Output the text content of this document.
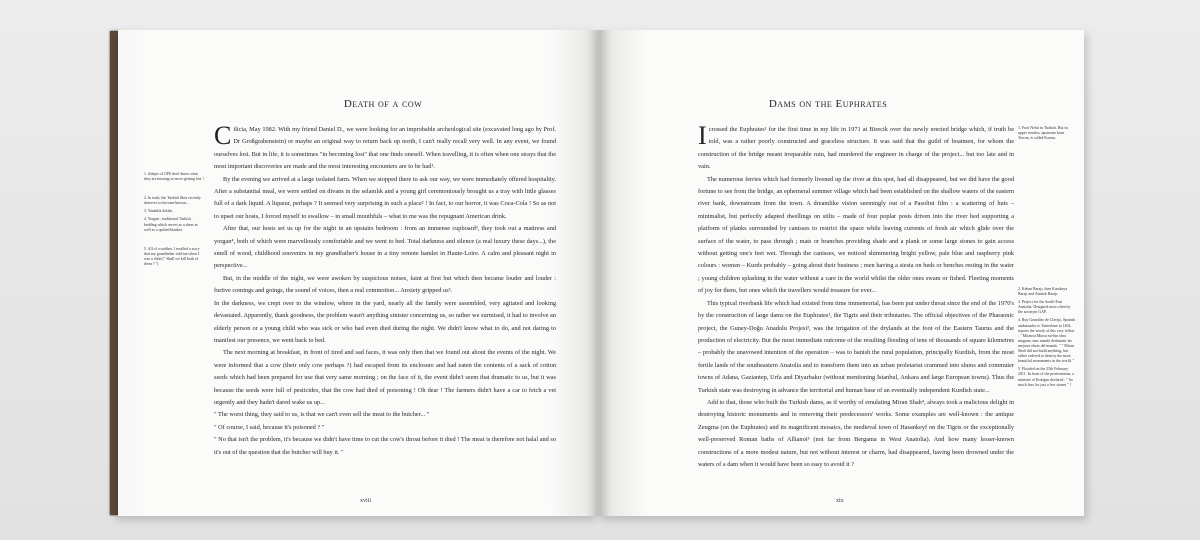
Death of a cow

1. Adepts of GPS don't know what they are missing in never getting lost !

2. In truth, the Turkish likör recently deserves to become known...

3. Yazaklık dolabı.

4. Yorgan : traditional Turkish bedding which serves as a sheet as well as a quilted blanket.

5. All of a sudden, I recalled a story that my grandfather told me when I was a child (" Shall we kill both of them ? ")

Cilicia, May 1982. With my friend Daniel D., we were looking for an improbable archeological site (excavated long ago by Prof. Dr Großgrabenstein) or maybe an original way to return back up north, I can't really recall very well. In any event, we found ourselves lost. But in life, it is sometimes "in becoming lost" that one finds oneself. When travelling, it is often when one strays that the most important discoveries are made and the most interesting encounters are to be had¹.

By the evening we arrived at a large isolated farm. When we stopped there to ask our way, we were immediately offered hospitality. After a substantial meal, we were settled on divans in the selamlık and a young girl ceremoniously brought us a tray with little glasses full of a dark liquid. A liqueur, perhaps ? It seemed very surprising in such a place² ! In fact, to our horror, it was Coca-Cola ! So as not to upset our hosts, I forced myself to swallow – in small mouthfuls – what to me was the repugnant American drink.

After that, our hosts set us up for the night in an upstairs bedroom : from an immense cupboard³, they took out a mattress and yorgan⁴, both of which were marvellously comfortable and we went to bed. Total darkness and silence (a real luxury these days...), the smell of wood, childhood souvenirs in my grandfather's house in a tiny remote hamlet in Haute-Loire. A calm and pleasant night in perspective...

But, in the middle of the night, we were awoken by suspicious noises, faint at first but which then became louder and louder : furtive comings and goings, the sound of voices, then a real commotion... Anxiety gripped us⁵.

In the darkness, we crept over to the window, where in the yard, nearly all the family were assembled, very agitated and looking devastated. Apparently, thank goodness, the problem wasn't anything sinister concerning us, so rather we surmised, it had to involve an elderly person or a young child who was sick or who had even died during the night. We didn't know what to do, and not daring to manifest our presence, we went back to bed.

The next morning at breakfast, in front of tired and sad faces, it was only then that we found out about the events of the night. We were informed that a cow (their only cow perhaps ?) had escaped from its enclosure and had eaten the contents of a sack of cotton seeds which had been prepared for use that very same morning ; on the face of it, the event didn't seem that dramatic to us, but it was because the seeds were full of pesticides, that the cow had died of poisoning ! Oh dear ! The farmers didn't have a car to fetch a vet urgently and they hadn't dared wake us up...

" The worst thing, they said to us, is that we can't even sell the meat to the butcher... "

" Of course, I said, because it's poisoned ? "

" No that isn't the problem, it's because we didn't have time to cut the cow's throat before it died ! The meat is therefore not halal and so it's out of the question that the butcher will buy it. "

xviii
Dams on the Euphrates

Icrossed the Euphrates¹ for the first time in my life in 1971 at Birecik over the newly erected bridge which, if truth be told, was a rather poorly constructed and graceless structure. It was said that the guild of boatmen, for whom the construction of the bridge meant irreparable ruin, had murdered the engineer in charge of the project... but too late and in vain.

The numerous ferries which had formerly livened up the river at this spot, had all disappeared, but we did have the good fortune to see from the bridge, an ephemeral summer village which had been established on the shallow waters of the eastern river bank, downstream from the town. A dreamlike vision seemingly out of a Pasolini film : a scattering of huts – minimalist, but perfectly adapted dwellings on stilts – made of four poplar posts driven into the river bed supporting a platform of planks surrounded by canisses to restrict the space while leaving currents of fresh air which glide over the surface of the water, to pass through ; mats or branches providing shade and a plank or some large stones to gain access without getting one's feet wet. Through the canisses, we noticed shimmering bright yellow, pale blue and raspberry pink colours : women – Kurds probably – going about their business ; men having a siesta on beds or benches resting in the water ; young children splashing in the water without a care in the world whilst the older ones swam or fished. Fleeting moments of joy for them, but ones which the travellers would treasure for ever...

This typical riverbank life which had existed from time immemorial, has been put under threat since the end of the 1970's by the construction of large dams on the Euphrates², the Tigris and their tributaries. The official objectives of the Pharaonic project, the Guney-Doğu Anadolu Projesi³, was the irrigation of the drylands at the foot of the Eastern Taurus and the production of electricity. But the most immediate outcome of the resulting flooding of tens of thousands of square kilometres – probably the unavowed intention of the operation – was to banish the rural population, principally Kurdish, from the most fertile lands of the southeastern Anatolia and to transform them into an urban proletariat crammed into slums and commuter towns of Adana, Gaziantep, Urfa and Diyarbakır (without mentioning İstanbul, Ankara and large European towns). Thus the Turkish state was destroying in advance the territorial and human base of an eventually independent Kurdish state...

Add to that, those who built the Turkish dams, as if worthy of emulating Miran Shah⁴, always took a malicious delight in destroying historic monuments and in removing their predecessors' works. Some examples are well-known : the antique Zeugma (on the Euphrates) and its magnificent mosaics, the medieval town of Hasankeyf on the Tigris or the exceptionally well-preserved Roman baths of Allianoi⁵ (not far from Bergama in West Anatolia). And how many lesser-known constructions of a more modest nature, but not without interest or charm, had disappeared, having been drowned under the waters of a dam when it would have been so easy to avoid it ?

1. Fırat Nehri in Turkish. But its upper reaches, upstream from Tercan, is called Karasu.

2. Keban Barajı, then Karakaya Barajı and Atatürk Barajı.

3. Project for the South-East Anatolia. Designed most often by the acronym GAP.

4. Ruy González de Clavijo, Spanish ambassador to Tamerlane in 1404, reports the words of this very fellow : " Miranxa Miaxa mi-hin obra ninguna, mas mandó desbaratir las mejores obras del mundo. " " Miran Shah did not build anything, but rather ordered to destroy the most beautiful monuments in the world. "

5. Flooded on the 25th February 2011. In front of the protestations, a minister of Erdoğan declared : " So much fuss for just a few stones " !

xix
